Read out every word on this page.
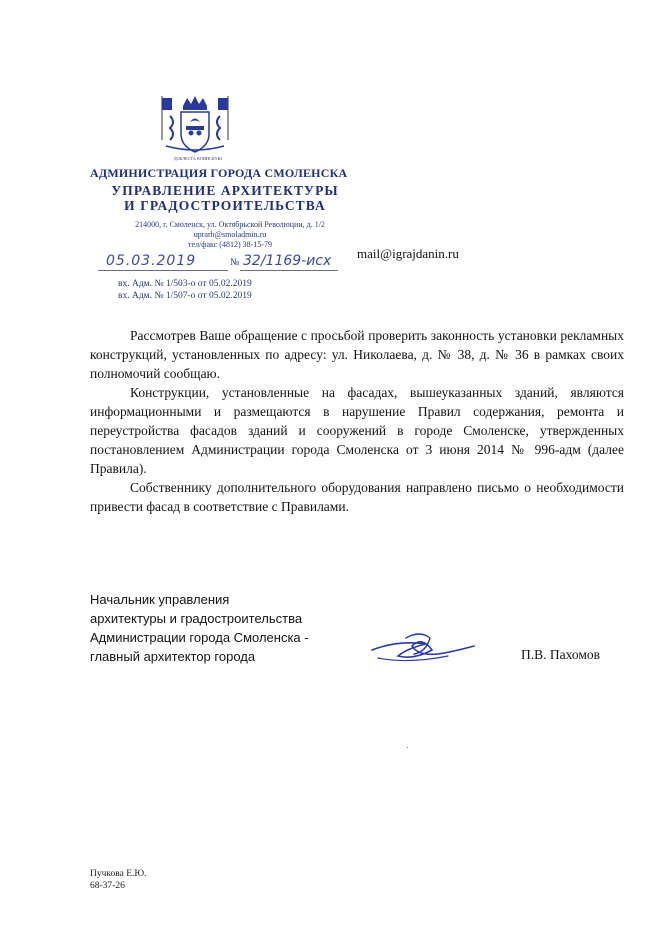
ДОБЛЕСТЬ ВОИНСКУЮ
АДМИНИСТРАЦИЯ ГОРОДА СМОЛЕНСКА
УПРАВЛЕНИЕ АРХИТЕКТУРЫ
И ГРАДОСТРОИТЕЛЬСТВА
214000, г. Смоленск, ул. Октябрьской Революции, д. 1/2
uprarh@smoladmin.ru
тел/факс (4812) 38-15-79
05.03.2019	№ 32/1169-исх mail@igrajdanin.ru
вх. Адм. № 1/503-о от 05.02.2019
вх. Адм. № 1/507-о от 05.02.2019

Рассмотрев Ваше обращение с просьбой проверить законность установки рекламных конструкций, установленных по адресу: ул. Николаева, д. № 38, д. № 36 в рамках своих полномочий сообщаю.

Конструкции, установленные на фасадах, вышеуказанных зданий, являются информационными и размещаются в нарушение Правил содержания, ремонта и переустройства фасадов зданий и сооружений в городе Смоленске, утвержденных постановлением Администрации города Смоленска от 3 июня 2014 № 996-адм (далее Правила).

Собственнику дополнительного оборудования направлено письмо о необходимости привести фасад в соответствие с Правилами.

Начальник управления
архитектуры и градостроительства
Администрации города Смоленска -
главный архитектор города	П.В. Пахомов
Пучкова Е.Ю.
68-37-26
